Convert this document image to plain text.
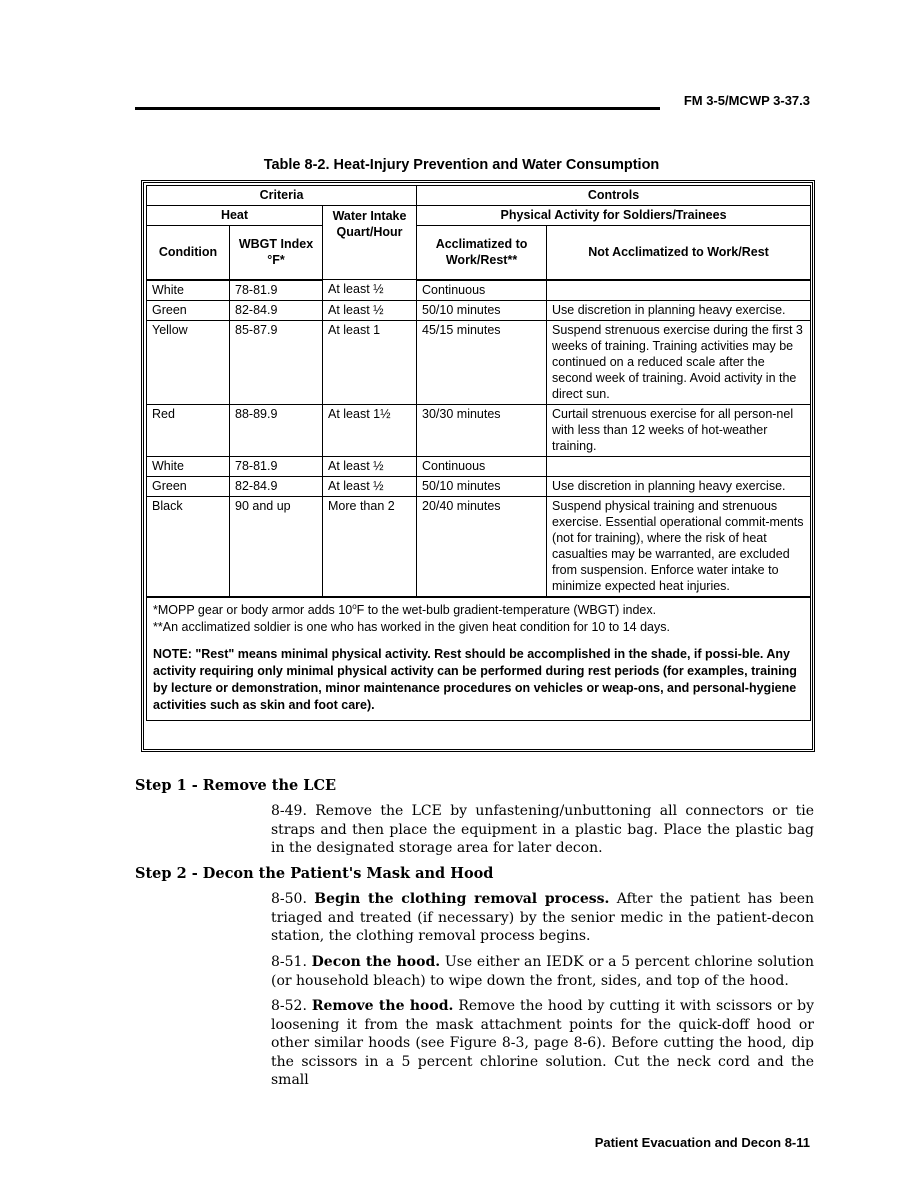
FM 3-5/MCWP 3-37.3
Table 8-2. Heat-Injury Prevention and Water Consumption
Criteria			Controls	
Heat		Water Intake Quart/Hour	Physical Activity for Soldiers/Trainees	
Condition	WBGT Index °F*		Acclimatized to Work/Rest**	Not Acclimatized to Work/Rest
White	78-81.9	At least ½	Continuous	
Green	82-84.9	At least ½	50/10 minutes	Use discretion in planning heavy exercise.
Yellow	85-87.9	At least 1	45/15 minutes	Suspend strenuous exercise during the first 3 weeks of training. Training activities may be continued on a reduced scale after the second week of training. Avoid activity in the direct sun.
Red	88-89.9	At least 1½	30/30 minutes	Curtail strenuous exercise for all person-nel with less than 12 weeks of hot-weather training.
White	78-81.9	At least ½	Continuous	
Green	82-84.9	At least ½	50/10 minutes	Use discretion in planning heavy exercise.
Black	90 and up	More than 2	20/40 minutes	Suspend physical training and strenuous exercise. Essential operational commit-ments (not for training), where the risk of heat casualties may be warranted, are excluded from suspension. Enforce water intake to minimize expected heat injuries.

*MOPP gear or body armor adds 10$^o$F to the wet-bulb gradient-temperature (WBGT) index.

**An acclimatized soldier is one who has worked in the given heat condition for 10 to 14 days.

NOTE: "Rest" means minimal physical activity. Rest should be accomplished in the shade, if possi-ble. Any activity requiring only minimal physical activity can be performed during rest periods (for examples, training by lecture or demonstration, minor maintenance procedures on vehicles or weap-ons, and personal-hygiene activities such as skin and foot care).				

Step 1 - Remove the LCE

8-49. Remove the LCE by unfastening/unbuttoning all connectors or tie straps and then place the equipment in a plastic bag. Place the plastic bag in the designated storage area for later decon.

Step 2 - Decon the Patient's Mask and Hood

8-50. Begin the clothing removal process. After the patient has been triaged and treated (if necessary) by the senior medic in the patient-decon station, the clothing removal process begins.

8-51. Decon the hood. Use either an IEDK or a 5 percent chlorine solution (or household bleach) to wipe down the front, sides, and top of the hood.

8-52. Remove the hood. Remove the hood by cutting it with scissors or by loosening it from the mask attachment points for the quick-doff hood or other similar hoods (see Figure 8-3, page 8-6). Before cutting the hood, dip the scissors in a 5 percent chlorine solution. Cut the neck cord and the small

Patient Evacuation and Decon 8-11
